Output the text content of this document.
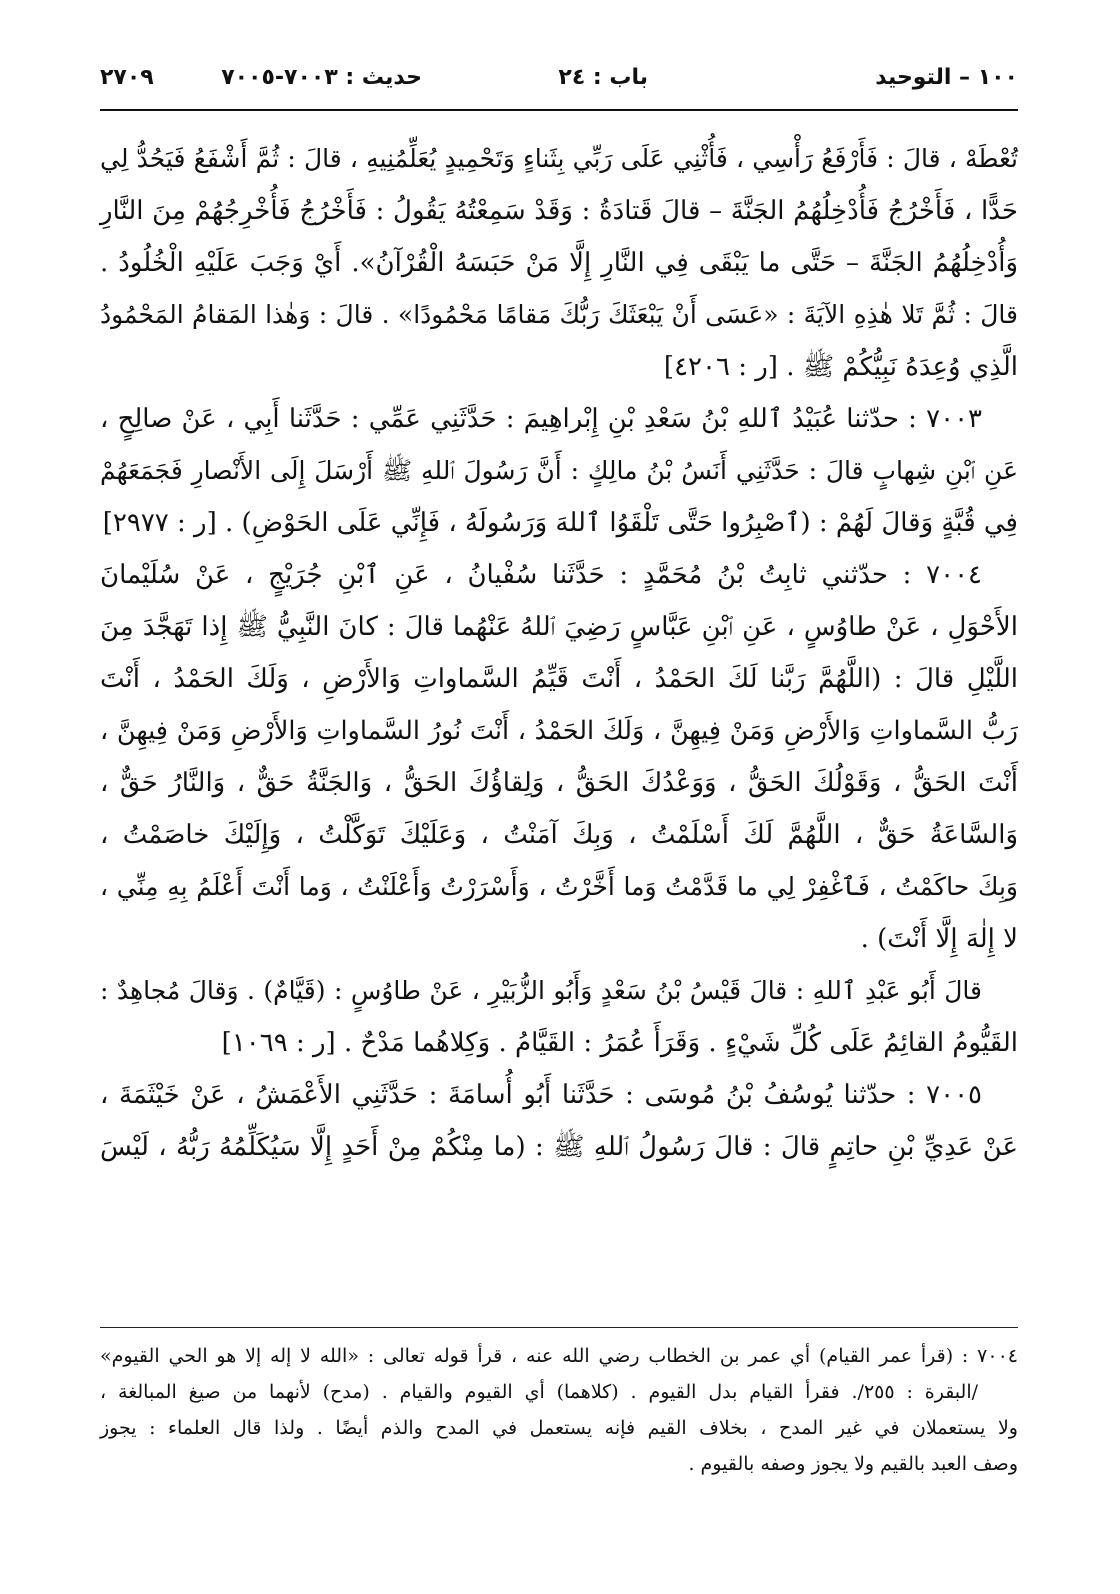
١٠٠ – التوحيد
باب : ٢٤
حديث : ٧٠٠٣-٧٠٠٥
٢٧٠٩
تُعْطَهْ ، قالَ : فَأَرْفَعُ رَأْسِي ، فَأُثْنِي عَلَى رَبِّي بِثَناءٍ وَتَحْمِيدٍ يُعَلِّمُنِيهِ ، قالَ : ثُمَّ أَشْفَعُ فَيَحُدُّ لِي
حَدًّا ، فَأَخْرُجُ فَأُدْخِلُهُمُ الجَنَّةَ – قالَ قَتادَةُ : وَقَدْ سَمِعْتُهُ يَقُولُ : فَأَخْرُجُ فَأُخْرِجُهُمْ مِنَ النَّارِ
وَأُدْخِلُهُمُ الجَنَّةَ – حَتَّى ما يَبْقَى فِي النَّارِ إِلَّا مَنْ حَبَسَهُ الْقُرْآنُ». أَيْ وَجَبَ عَلَيْهِ الْخُلُودُ .
قالَ : ثُمَّ تَلا هٰذِهِ الآيَةَ : «عَسَى أَنْ يَبْعَثَكَ رَبُّكَ مَقامًا مَحْمُودًا» . قالَ : وَهٰذا المَقامُ المَحْمُودُ
الَّذِي وُعِدَهُ نَبِيُّكُمْ ﷺ . [ر : ٤٢٠٦]
٧٠٠٣ : حدّثنا عُبَيْدُ ٱللهِ بْنُ سَعْدِ بْنِ إِبْراهِيمَ : حَدَّثَنِي عَمِّي : حَدَّثَنا أَبِي ، عَنْ صالِحٍ ،
عَنِ ٱبْنِ شِهابٍ قالَ : حَدَّثَنِي أَنَسُ بْنُ مالِكٍ : أَنَّ رَسُولَ ٱللهِ ﷺ أَرْسَلَ إِلَى الأَنْصارِ فَجَمَعَهُمْ
فِي قُبَّةٍ وَقالَ لَهُمْ : (ٱصْبِرُوا حَتَّى تَلْقَوُا ٱللهَ وَرَسُولَهُ ، فَإِنِّي عَلَى الحَوْضِ) . [ر : ٢٩٧٧]
٧٠٠٤ : حدّثني ثابِتُ بْنُ مُحَمَّدٍ : حَدَّثَنا سُفْيانُ ، عَنِ ٱبْنِ جُرَيْجٍ ، عَنْ سُلَيْمانَ
الأَحْوَلِ ، عَنْ طاوُسٍ ، عَنِ ٱبْنِ عَبَّاسٍ رَضِيَ ٱللهُ عَنْهُما قالَ : كانَ النَّبِيُّ ﷺ إِذا تَهَجَّدَ مِنَ
اللَّيْلِ قالَ : (اللَّهُمَّ رَبَّنا لَكَ الحَمْدُ ، أَنْتَ قَيِّمُ السَّماواتِ وَالأَرْضِ ، وَلَكَ الحَمْدُ ، أَنْتَ
رَبُّ السَّماواتِ وَالأَرْضِ وَمَنْ فِيهِنَّ ، وَلَكَ الحَمْدُ ، أَنْتَ نُورُ السَّماواتِ وَالأَرْضِ وَمَنْ فِيهِنَّ ،
أَنْتَ الحَقُّ ، وَقَوْلُكَ الحَقُّ ، وَوَعْدُكَ الحَقُّ ، وَلِقاؤُكَ الحَقُّ ، وَالجَنَّةُ حَقٌّ ، وَالنَّارُ حَقٌّ ،
وَالسَّاعَةُ حَقٌّ ، اللَّهُمَّ لَكَ أَسْلَمْتُ ، وَبِكَ آمَنْتُ ، وَعَلَيْكَ تَوَكَّلْتُ ، وَإِلَيْكَ خاصَمْتُ ،
وَبِكَ حاكَمْتُ ، فَٱغْفِرْ لِي ما قَدَّمْتُ وَما أَخَّرْتُ ، وَأَسْرَرْتُ وَأَعْلَنْتُ ، وَما أَنْتَ أَعْلَمُ بِهِ مِنِّي ،
لا إِلٰهَ إِلَّا أَنْتَ) .
قالَ أَبُو عَبْدِ ٱللهِ : قالَ قَيْسُ بْنُ سَعْدٍ وَأَبُو الزُّبَيْرِ ، عَنْ طاوُسٍ : (قَيَّامٌ) . وَقالَ مُجاهِدٌ :
القَيُّومُ القائِمُ عَلَى كُلِّ شَيْءٍ . وَقَرَأَ عُمَرُ : القَيَّامُ . وَكِلاهُما مَدْحٌ . [ر : ١٠٦٩]
٧٠٠٥ : حدّثنا يُوسُفُ بْنُ مُوسَى : حَدَّثَنا أَبُو أُسامَةَ : حَدَّثَنِي الأَعْمَشُ ، عَنْ خَيْثَمَةَ ،
عَنْ عَدِيِّ بْنِ حاتِمٍ قالَ : قالَ رَسُولُ ٱللهِ ﷺ : (ما مِنْكُمْ مِنْ أَحَدٍ إِلَّا سَيُكَلِّمُهُ رَبُّهُ ، لَيْسَ
٧٠٠٤ : (قرأ عمر القيام) أي عمر بن الخطاب رضي الله عنه ، قرأ قوله تعالى : «الله لا إله إلا هو الحي القيوم»
/البقرة : ٢٥٥/. فقرأ القيام بدل القيوم . (كلاهما) أي القيوم والقيام . (مدح) لأنهما من صيغ المبالغة ،
ولا يستعملان في غير المدح ، بخلاف القيم فإنه يستعمل في المدح والذم أيضًا . ولذا قال العلماء : يجوز
وصف العبد بالقيم ولا يجوز وصفه بالقيوم .
